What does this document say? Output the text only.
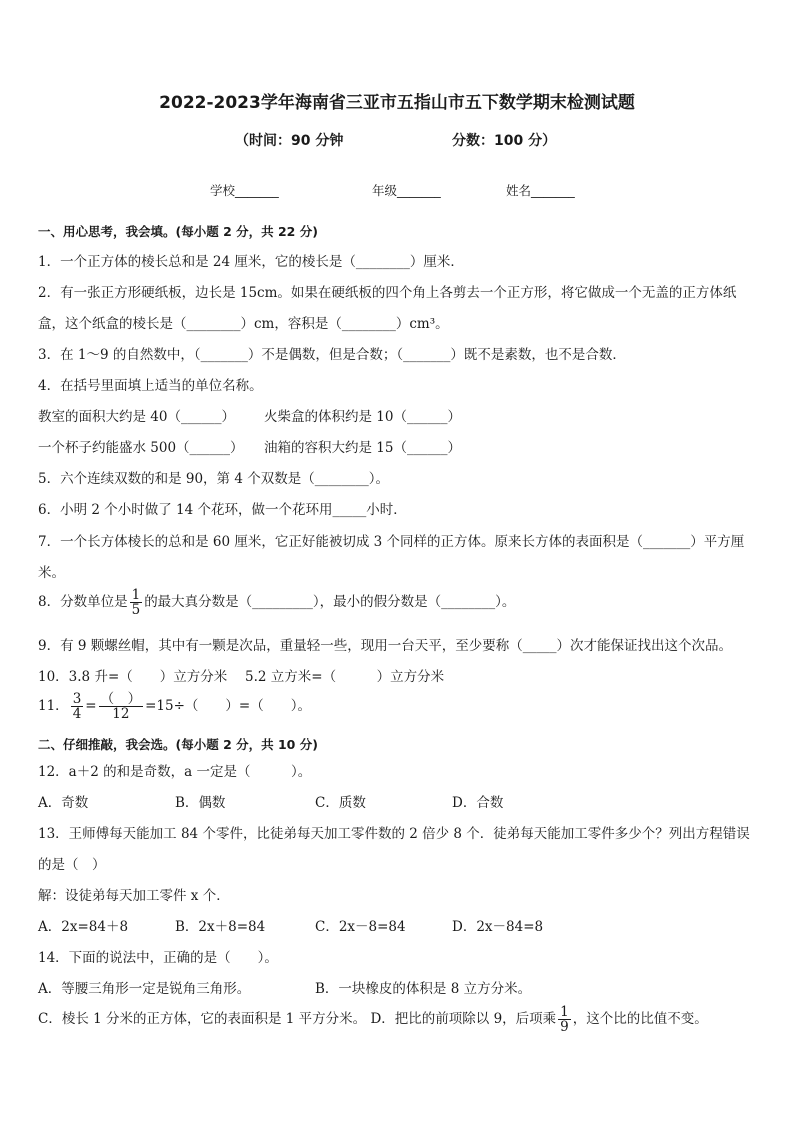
2022-2023学年海南省三亚市五指山市五下数学期末检测试题
（时间：90 分钟	分数：100 分）
学校_______	年级_______	姓名_______
一、用心思考，我会填。(每小题 2 分，共 22 分)
1．一个正方体的棱长总和是 24 厘米，它的棱长是（________）厘米．
2．有一张正方形硬纸板，边长是 15cm。如果在硬纸板的四个角上各剪去一个正方形，将它做成一个无盖的正方体纸
盒，这个纸盒的棱长是（________）cm，容积是（________）cm³。
3．在 1～9 的自然数中，（_______）不是偶数，但是合数；（_______）既不是素数，也不是合数．
4．在括号里面填上适当的单位名称。
教室的面积大约是 40（______） 火柴盒的体积约是 10（______）
一个杯子约能盛水 500（______） 油箱的容积大约是 15（______）
5．六个连续双数的和是 90，第 4 个双数是（________）。
6．小明 2 个小时做了 14 个花环，做一个花环用_____小时．
7．一个长方体棱长的总和是 60 厘米，它正好能被切成 3 个同样的正方体。原来长方体的表面积是（_______）平方厘
米。
8．分数单位是 $\frac{1}{5}$ 的最大真分数是（_________），最小的假分数是（________）。
9．有 9 颗螺丝帽，其中有一颗是次品，重量轻一些，现用一台天平，至少要称（_____）次才能保证找出这个次品。
10．3.8 升=（　　）立方分米　 5.2 立方米=（　　　）立方分米
11． $\frac{3}{4} = \frac{( )}{12} =15\div$（　　）=（　　）。
二、仔细推敲，我会选。(每小题 2 分，共 10 分)
12．a＋2 的和是奇数，a 一定是（　　　）。
A．奇数	B．偶数	C．质数	D．合数
13．王师傅每天能加工 84 个零件，比徒弟每天加工零件数的 2 倍少 8 个．徒弟每天能加工零件多少个？列出方程错误
的是（　）
解：设徒弟每天加工零件 x 个．
A．2x=84＋8	B．2x＋8=84	C．2x－8=84	D．2x－84=8
14．下面的说法中，正确的是（　　）。
A．等腰三角形一定是锐角三角形。	B．一块橡皮的体积是 8 立方分米。
C．棱长 1 分米的正方体，它的表面积是 1 平方分米。 D．把比的前项除以 9，后项乘 $\frac{1}{9}$ ，这个比的比值不变。
